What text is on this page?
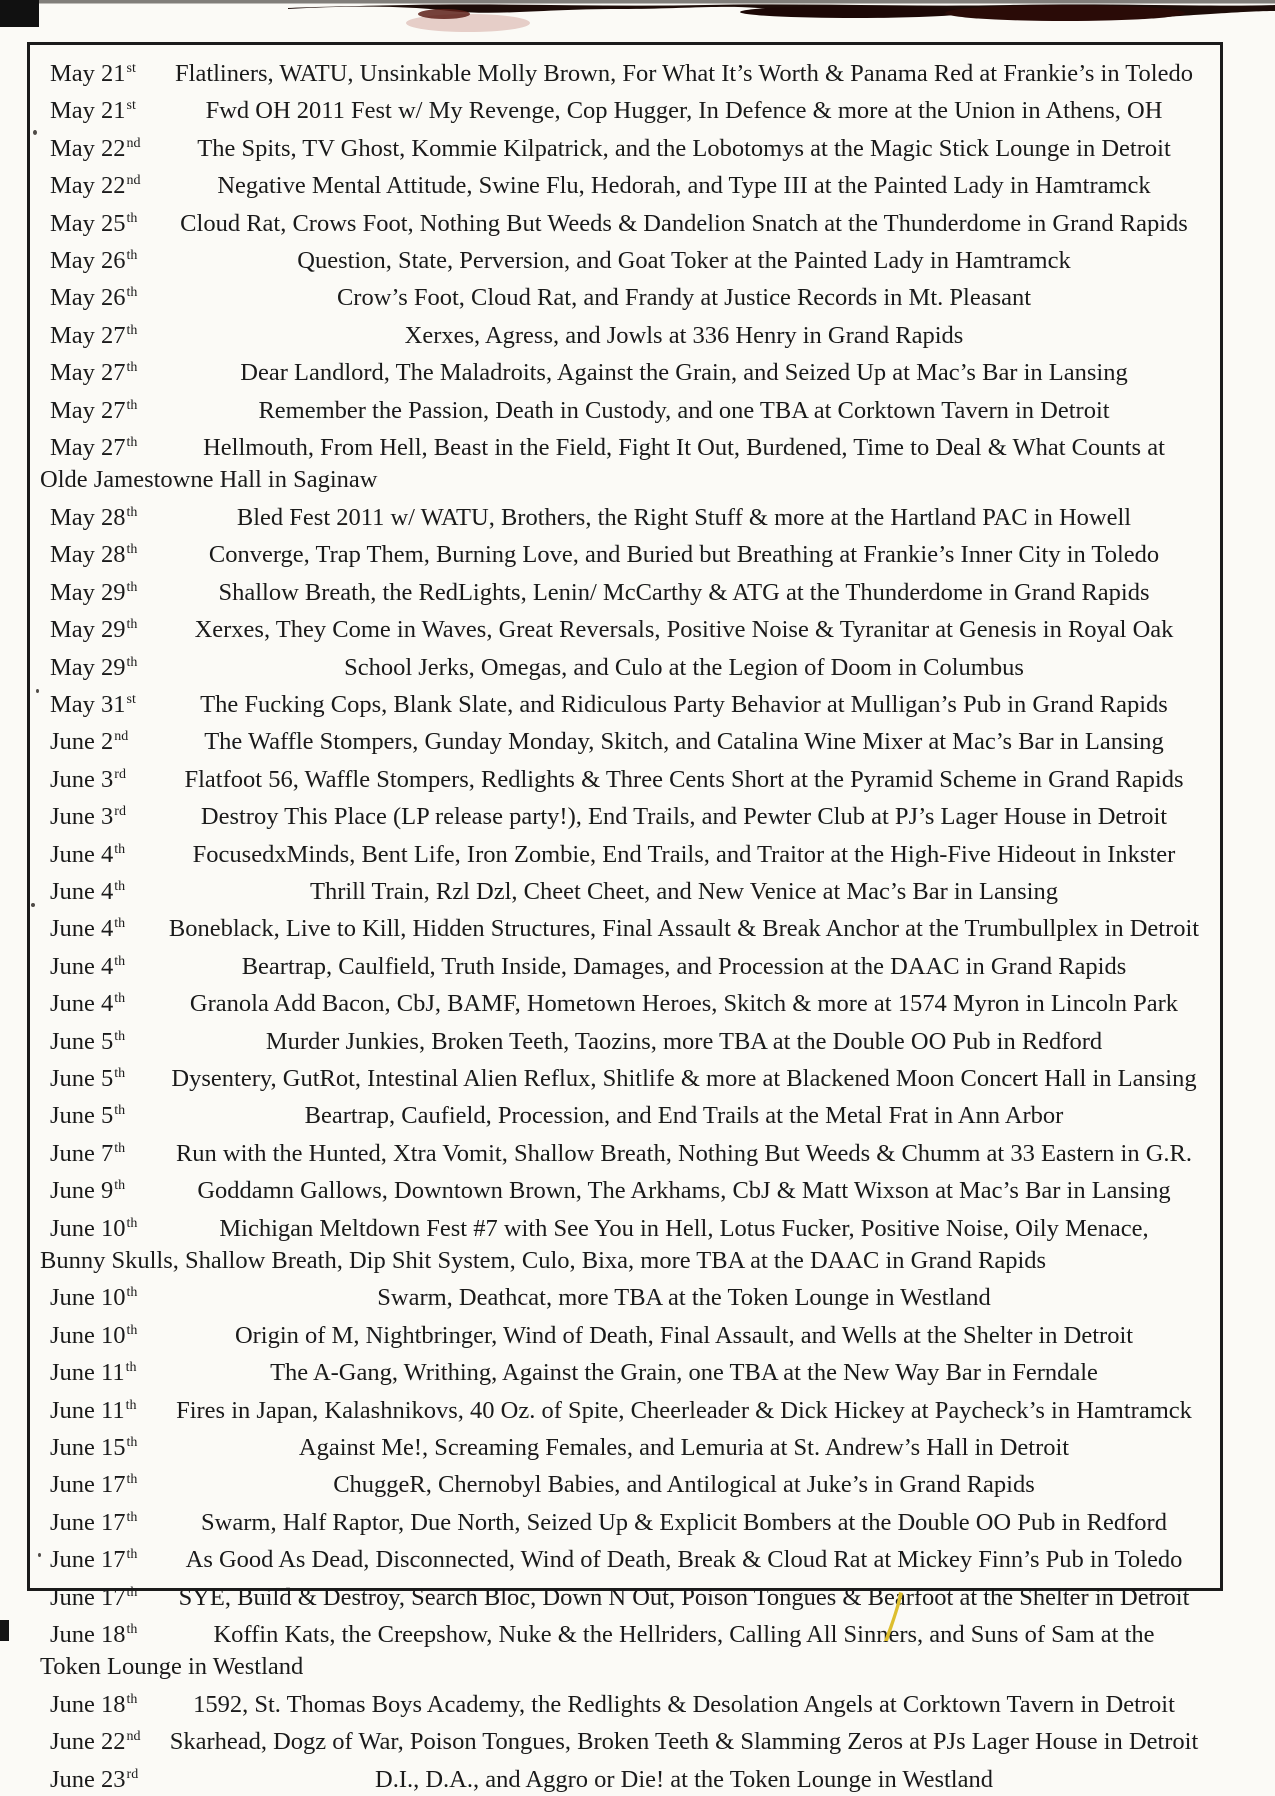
May 21st	Flatliners, WATU, Unsinkable Molly Brown, For What It’s Worth & Panama Red at Frankie’s in Toledo

May 21st	Fwd OH 2011 Fest w/ My Revenge, Cop Hugger, In Defence & more at the Union in Athens, OH

May 22nd	The Spits, TV Ghost, Kommie Kilpatrick, and the Lobotomys at the Magic Stick Lounge in Detroit

May 22nd	Negative Mental Attitude, Swine Flu, Hedorah, and Type III at the Painted Lady in Hamtramck

May 25th	Cloud Rat, Crows Foot, Nothing But Weeds & Dandelion Snatch at the Thunderdome in Grand Rapids

May 26th	Question, State, Perversion, and Goat Toker at the Painted Lady in Hamtramck

May 26th	Crow’s Foot, Cloud Rat, and Frandy at Justice Records in Mt. Pleasant

May 27th	Xerxes, Agress, and Jowls at 336 Henry in Grand Rapids

May 27th	Dear Landlord, The Maladroits, Against the Grain, and Seized Up at Mac’s Bar in Lansing

May 27th	Remember the Passion, Death in Custody, and one TBA at Corktown Tavern in Detroit

May 27th	Hellmouth, From Hell, Beast in the Field, Fight It Out, Burdened, Time to Deal & What Counts at

Olde Jamestowne Hall in Saginaw

May 28th	Bled Fest 2011 w/ WATU, Brothers, the Right Stuff & more at the Hartland PAC in Howell

May 28th	Converge, Trap Them, Burning Love, and Buried but Breathing at Frankie’s Inner City in Toledo

May 29th	Shallow Breath, the RedLights, Lenin/ McCarthy & ATG at the Thunderdome in Grand Rapids

May 29th	Xerxes, They Come in Waves, Great Reversals, Positive Noise & Tyranitar at Genesis in Royal Oak

May 29th	School Jerks, Omegas, and Culo at the Legion of Doom in Columbus

May 31st	The Fucking Cops, Blank Slate, and Ridiculous Party Behavior at Mulligan’s Pub in Grand Rapids

June 2nd	The Waffle Stompers, Gunday Monday, Skitch, and Catalina Wine Mixer at Mac’s Bar in Lansing

June 3rd	Flatfoot 56, Waffle Stompers, Redlights & Three Cents Short at the Pyramid Scheme in Grand Rapids

June 3rd	Destroy This Place (LP release party!), End Trails, and Pewter Club at PJ’s Lager House in Detroit

June 4th	FocusedxMinds, Bent Life, Iron Zombie, End Trails, and Traitor at the High-Five Hideout in Inkster

June 4th	Thrill Train, Rzl Dzl, Cheet Cheet, and New Venice at Mac’s Bar in Lansing

June 4th	Boneblack, Live to Kill, Hidden Structures, Final Assault & Break Anchor at the Trumbullplex in Detroit

June 4th	Beartrap, Caulfield, Truth Inside, Damages, and Procession at the DAAC in Grand Rapids

June 4th	Granola Add Bacon, CbJ, BAMF, Hometown Heroes, Skitch & more at 1574 Myron in Lincoln Park

June 5th	Murder Junkies, Broken Teeth, Taozins, more TBA at the Double OO Pub in Redford

June 5th	Dysentery, GutRot, Intestinal Alien Reflux, Shitlife & more at Blackened Moon Concert Hall in Lansing

June 5th	Beartrap, Caufield, Procession, and End Trails at the Metal Frat in Ann Arbor

June 7th	Run with the Hunted, Xtra Vomit, Shallow Breath, Nothing But Weeds & Chumm at 33 Eastern in G.R.

June 9th	Goddamn Gallows, Downtown Brown, The Arkhams, CbJ & Matt Wixson at Mac’s Bar in Lansing

June 10th	Michigan Meltdown Fest #7 with See You in Hell, Lotus Fucker, Positive Noise, Oily Menace,

Bunny Skulls, Shallow Breath, Dip Shit System, Culo, Bixa, more TBA at the DAAC in Grand Rapids

June 10th	Swarm, Deathcat, more TBA at the Token Lounge in Westland

June 10th	Origin of M, Nightbringer, Wind of Death, Final Assault, and Wells at the Shelter in Detroit

June 11th	The A-Gang, Writhing, Against the Grain, one TBA at the New Way Bar in Ferndale

June 11th	Fires in Japan, Kalashnikovs, 40 Oz. of Spite, Cheerleader & Dick Hickey at Paycheck’s in Hamtramck

June 15th	Against Me!, Screaming Females, and Lemuria at St. Andrew’s Hall in Detroit

June 17th	ChuggeR, Chernobyl Babies, and Antilogical at Juke’s in Grand Rapids

June 17th	Swarm, Half Raptor, Due North, Seized Up & Explicit Bombers at the Double OO Pub in Redford

June 17th	As Good As Dead, Disconnected, Wind of Death, Break & Cloud Rat at Mickey Finn’s Pub in Toledo

June 17th	SYE, Build & Destroy, Search Bloc, Down N Out, Poison Tongues & Bearfoot at the Shelter in Detroit

June 18th	Koffin Kats, the Creepshow, Nuke & the Hellriders, Calling All Sinners, and Suns of Sam at the

Token Lounge in Westland

June 18th	1592, St. Thomas Boys Academy, the Redlights & Desolation Angels at Corktown Tavern in Detroit

June 22nd	Skarhead, Dogz of War, Poison Tongues, Broken Teeth & Slamming Zeros at PJs Lager House in Detroit

June 23rd	D.I., D.A., and Aggro or Die! at the Token Lounge in Westland
